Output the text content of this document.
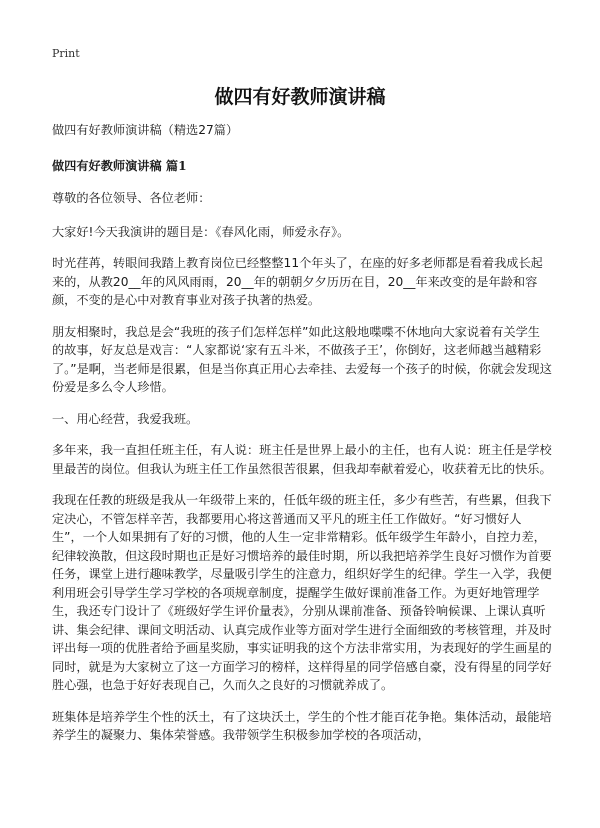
Print
做四有好教师演讲稿

做四有好教师演讲稿（精选27篇）

做四有好教师演讲稿 篇1

尊敬的各位领导、各位老师：

大家好!今天我演讲的题目是：《春风化雨，师爱永存》。

时光荏苒，转眼间我踏上教育岗位已经整整11个年头了，在座的好多老师都是看着我成长起来的，从教20__年的风风雨雨，20__年的朝朝夕夕历历在目，20__年来改变的是年龄和容颜，不变的是心中对教育事业对孩子执著的热爱。

朋友相聚时，我总是会“我班的孩子们怎样怎样”如此这般地喋喋不休地向大家说着有关学生的故事，好友总是戏言：“人家都说‘家有五斗米，不做孩子王’，你倒好，这老师越当越精彩了。”是啊，当老师是很累，但是当你真正用心去牵挂、去爱每一个孩子的时候，你就会发现这份爱是多么令人珍惜。

一、用心经营，我爱我班。

多年来，我一直担任班主任，有人说：班主任是世界上最小的主任，也有人说：班主任是学校里最苦的岗位。但我认为班主任工作虽然很苦很累，但我却奉献着爱心，收获着无比的快乐。

我现在任教的班级是我从一年级带上来的，任低年级的班主任，多少有些苦，有些累，但我下定决心，不管怎样辛苦，我都要用心将这普通而又平凡的班主任工作做好。“好习惯好人生”，一个人如果拥有了好的习惯，他的人生一定非常精彩。低年级学生年龄小，自控力差，纪律较涣散，但这段时期也正是好习惯培养的最佳时期，所以我把培养学生良好习惯作为首要任务，课堂上进行趣味教学，尽量吸引学生的注意力，组织好学生的纪律。学生一入学，我便利用班会引导学生学习学校的各项规章制度，提醒学生做好课前准备工作。为更好地管理学生，我还专门设计了《班级好学生评价量表》，分别从课前准备、预备铃响候课、上课认真听讲、集会纪律、课间文明活动、认真完成作业等方面对学生进行全面细致的考核管理，并及时评出每一项的优胜者给予画星奖励，事实证明我的这个方法非常实用，为表现好的学生画星的同时，就是为大家树立了这一方面学习的榜样，这样得星的同学倍感自豪，没有得星的同学好胜心强，也急于好好表现自己，久而久之良好的习惯就养成了。

班集体是培养学生个性的沃土，有了这块沃土，学生的个性才能百花争艳。集体活动，最能培养学生的凝聚力、集体荣誉感。我带领学生积极参加学校的各项活动，
